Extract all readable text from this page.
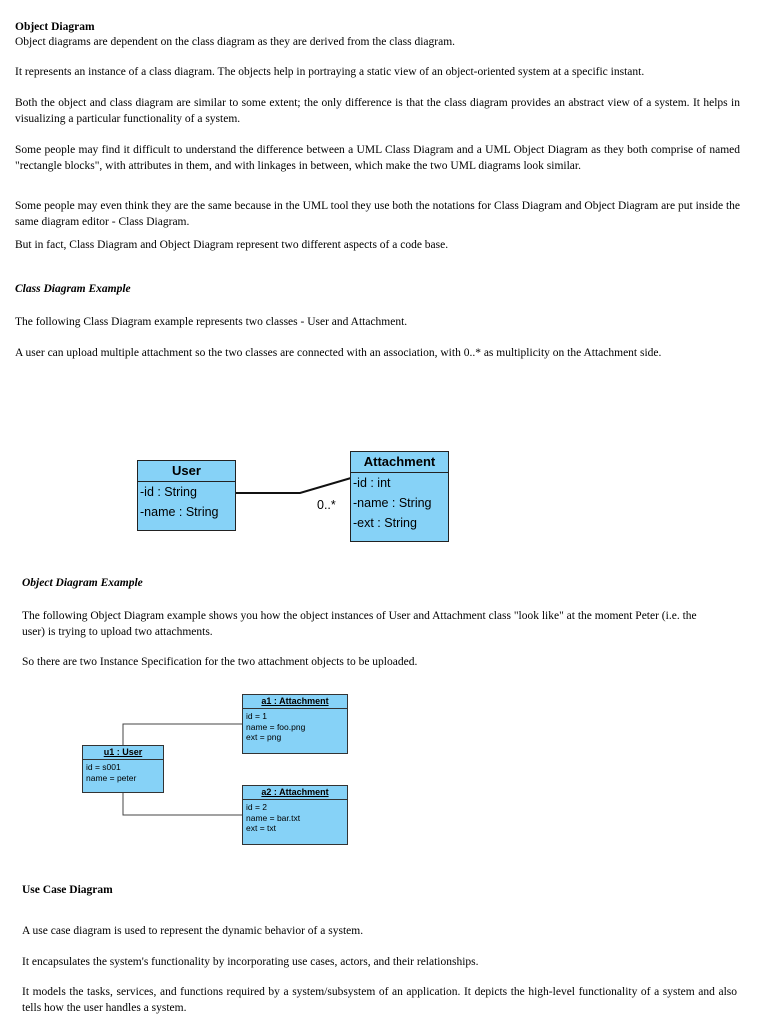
Object Diagram

Object diagrams are dependent on the class diagram as they are derived from the class diagram.

It represents an instance of a class diagram. The objects help in portraying a static view of an object-oriented system at a specific instant.

Both the object and class diagram are similar to some extent; the only difference is that the class diagram provides an abstract view of a system. It helps in visualizing a particular functionality of a system.

Some people may find it difficult to understand the difference between a UML Class Diagram and a UML Object Diagram as they both comprise of named "rectangle blocks", with attributes in them, and with linkages in between, which make the two UML diagrams look similar.

Some people may even think they are the same because in the UML tool they use both the notations for Class Diagram and Object Diagram are put inside the same diagram editor - Class Diagram.

But in fact, Class Diagram and Object Diagram represent two different aspects of a code base.

Class Diagram Example

The following Class Diagram example represents two classes - User and Attachment.

A user can upload multiple attachment so the two classes are connected with an association, with 0..* as multiplicity on the Attachment side.

User
-id : String
-name : String
Attachment
-id : int
-name : String
-ext : String
0..*

Object Diagram Example

The following Object Diagram example shows you how the object instances of User and Attachment class "look like" at the moment Peter (i.e. the user) is trying to upload two attachments.

So there are two Instance Specification for the two attachment objects to be uploaded.

u1 : User
id = s001
name = peter
a1 : Attachment
id = 1
name = foo.png
ext = png
a2 : Attachment
id = 2
name = bar.txt
ext = txt

Use Case Diagram

A use case diagram is used to represent the dynamic behavior of a system.

It encapsulates the system's functionality by incorporating use cases, actors, and their relationships.

It models the tasks, services, and functions required by a system/subsystem of an application. It depicts the high-level functionality of a system and also tells how the user handles a system.
